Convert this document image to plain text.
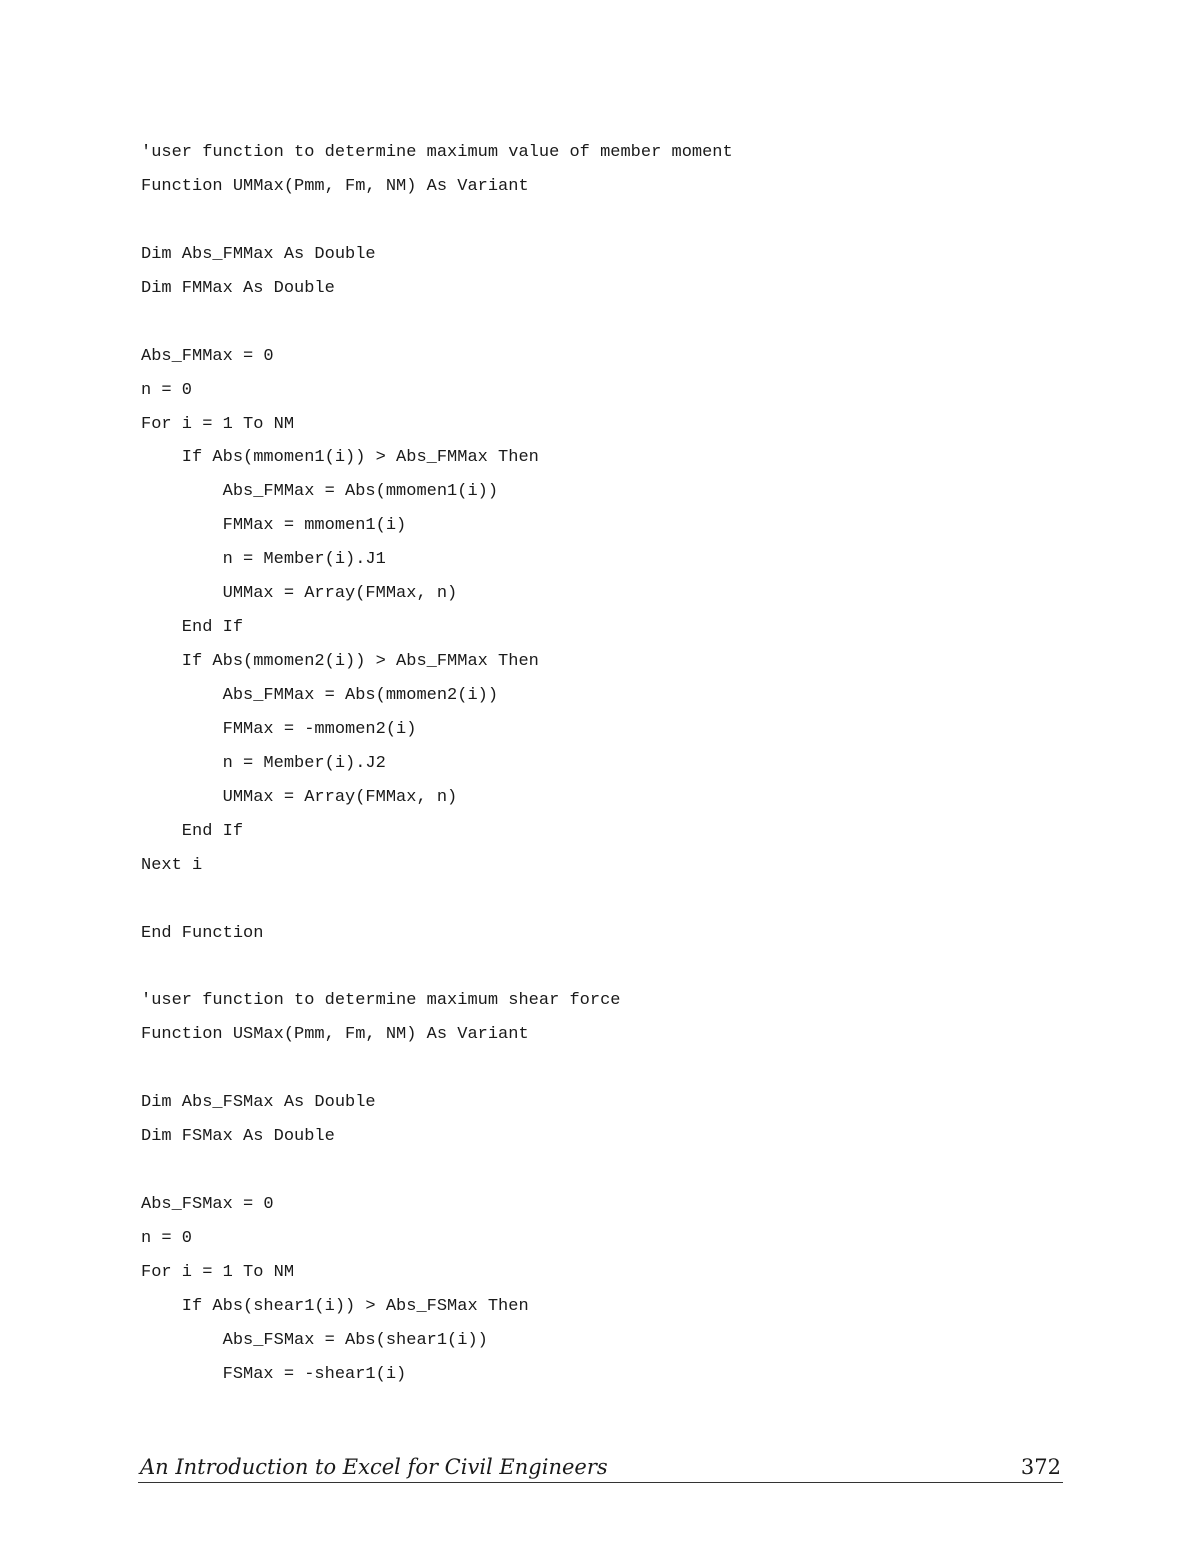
'user function to determine maximum value of member moment
Function UMMax(Pmm, Fm, NM) As Variant
Dim Abs_FMMax As Double
Dim FMMax As Double
Abs_FMMax = 0
n = 0
For i = 1 To NM
If Abs(mmomen1(i)) > Abs_FMMax Then
Abs_FMMax = Abs(mmomen1(i))
FMMax = mmomen1(i)
n = Member(i).J1
UMMax = Array(FMMax, n)
End If
If Abs(mmomen2(i)) > Abs_FMMax Then
Abs_FMMax = Abs(mmomen2(i))
FMMax = -mmomen2(i)
n = Member(i).J2
UMMax = Array(FMMax, n)
End If
Next i
End Function
'user function to determine maximum shear force
Function USMax(Pmm, Fm, NM) As Variant
Dim Abs_FSMax As Double
Dim FSMax As Double
Abs_FSMax = 0
n = 0
For i = 1 To NM
If Abs(shear1(i)) > Abs_FSMax Then
Abs_FSMax = Abs(shear1(i))
FSMax = -shear1(i)
An Introduction to Excel for Civil Engineers	372
